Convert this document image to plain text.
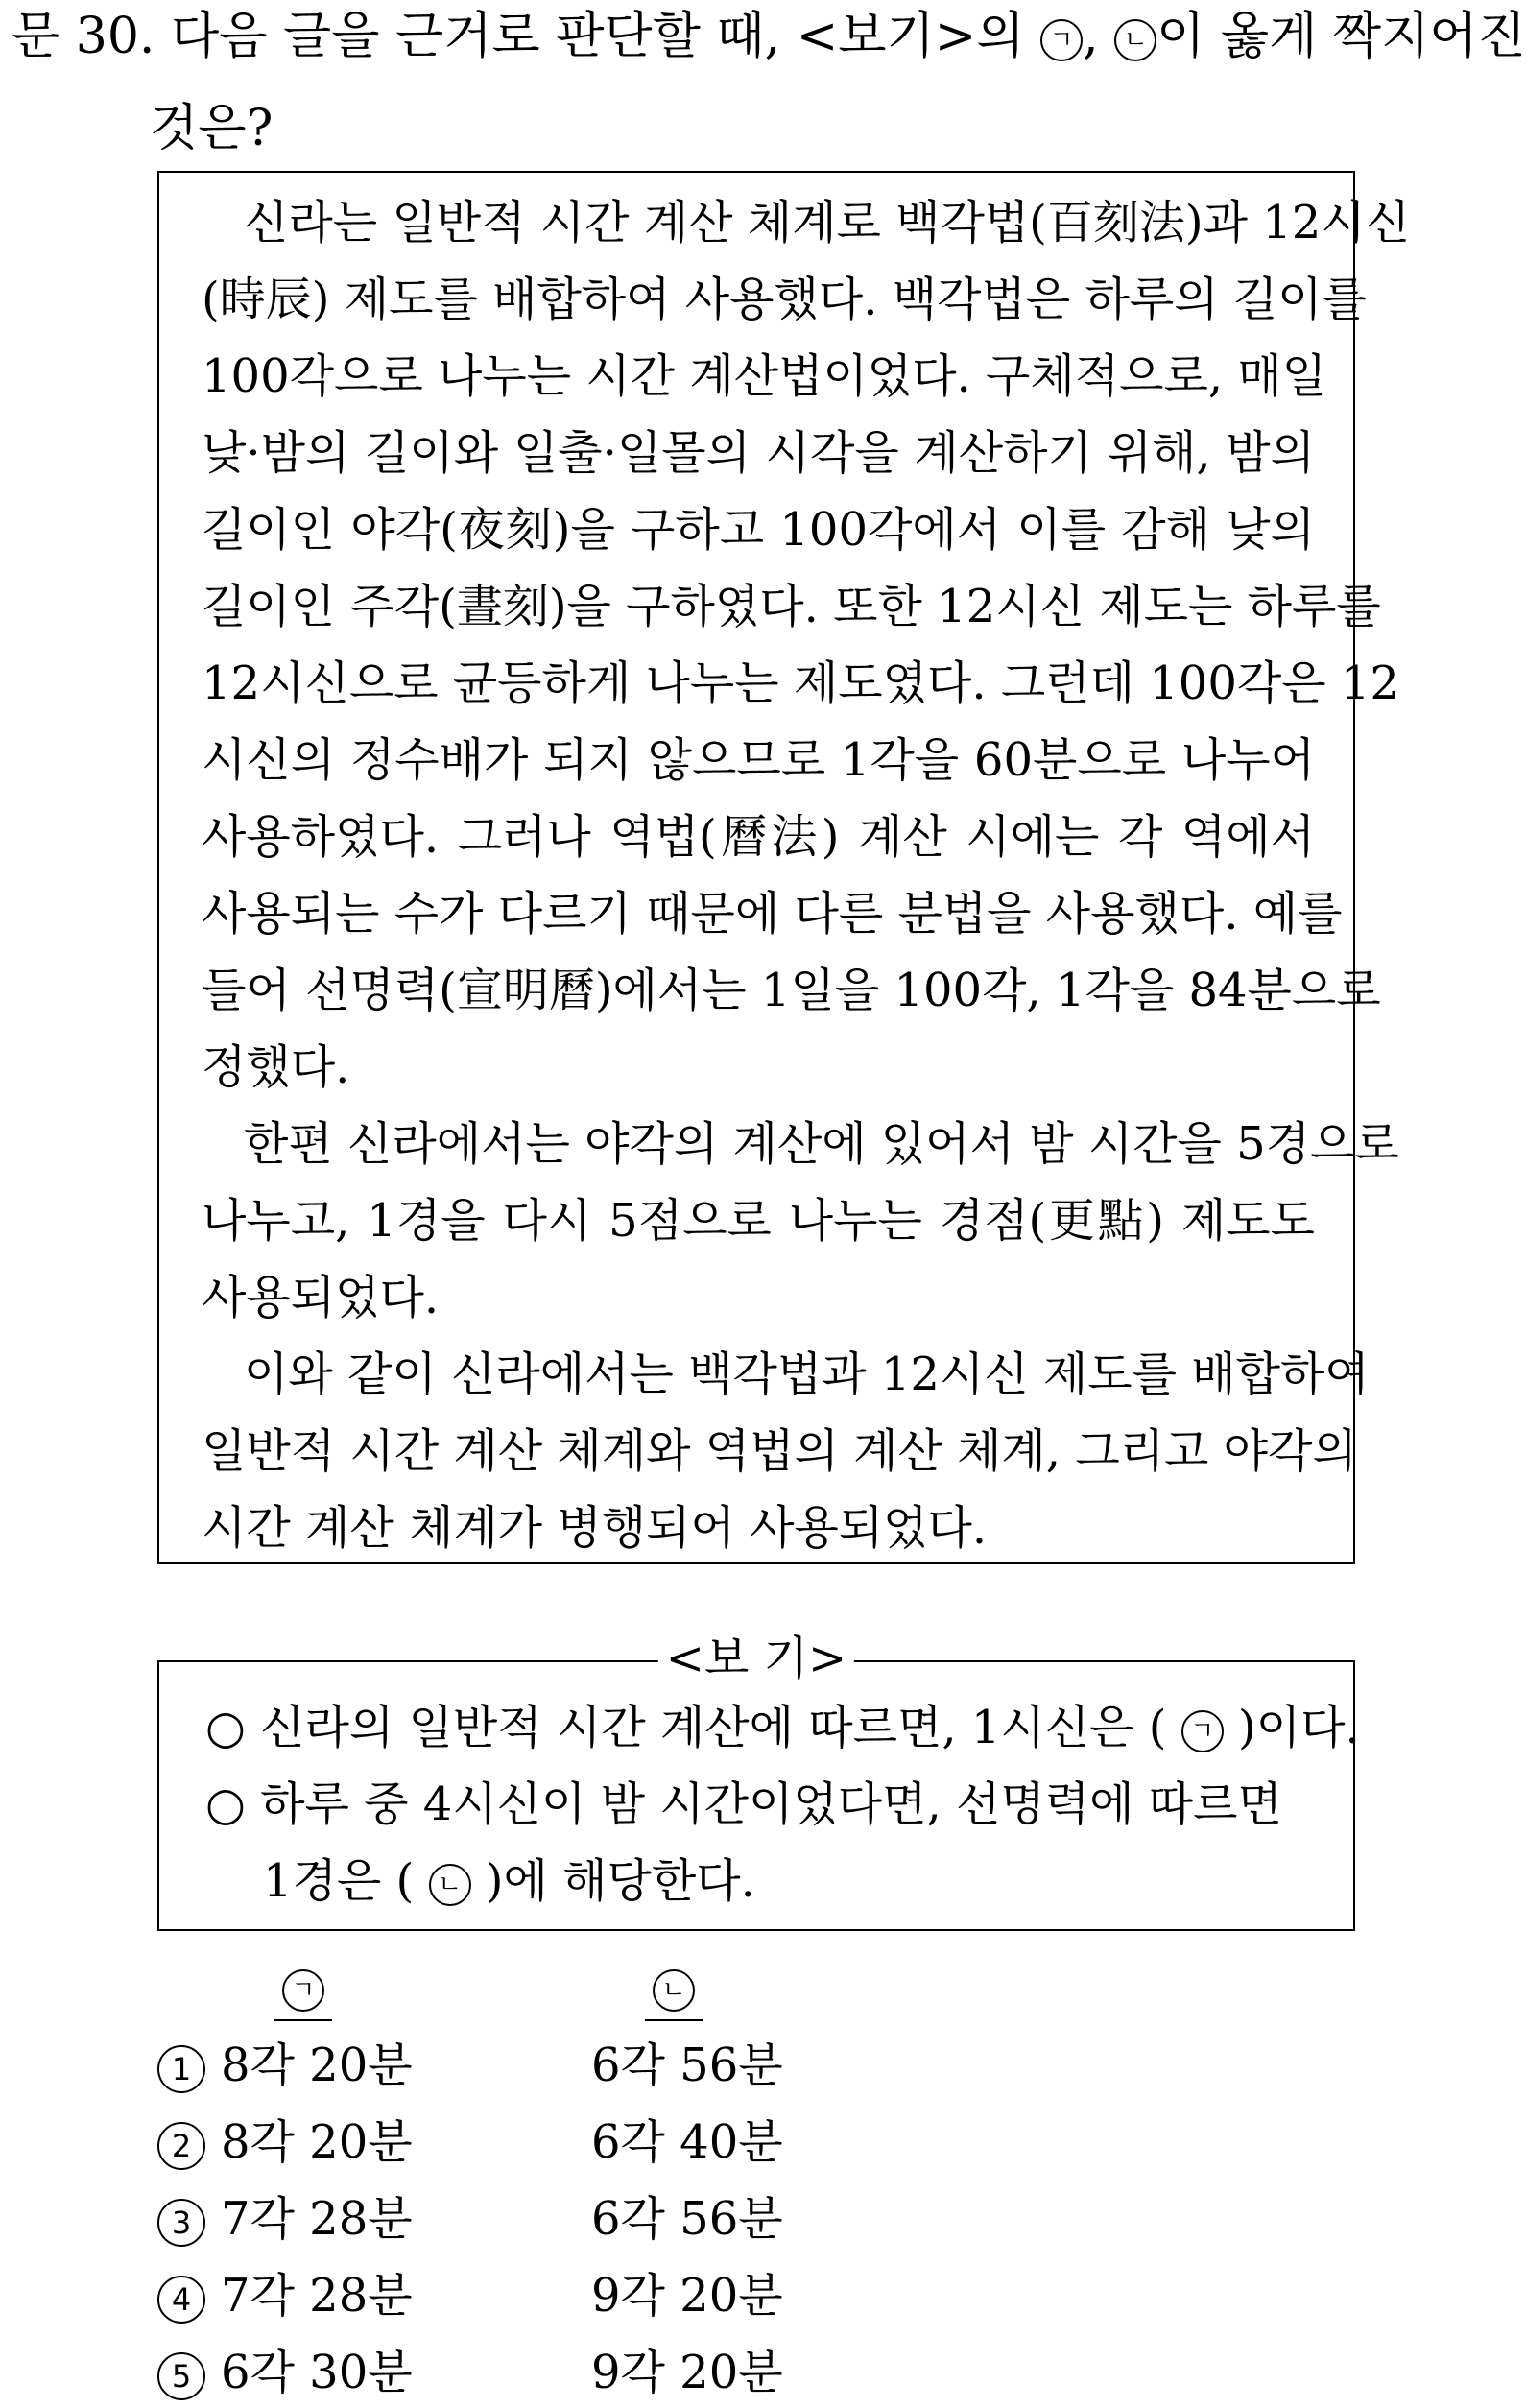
문 30. 다음 글을 근거로 판단할 때, <보기>의 ㄱ , ㄴ 이 옳게 짝지어진
것은?
신라는 일반적 시간 계산 체계로 백각법(百刻法)과 12시신
(時辰) 제도를 배합하여 사용했다. 백각법은 하루의 길이를
100각으로 나누는 시간 계산법이었다. 구체적으로, 매일
낮·밤의 길이와 일출·일몰의 시각을 계산하기 위해, 밤의
길이인 야각(夜刻)을 구하고 100각에서 이를 감해 낮의
길이인 주각(晝刻)을 구하였다. 또한 12시신 제도는 하루를
12시신으로 균등하게 나누는 제도였다. 그런데 100각은 12
시신의 정수배가 되지 않으므로 1각을 60분으로 나누어
사용하였다. 그러나 역법(曆法) 계산 시에는 각 역에서
사용되는 수가 다르기 때문에 다른 분법을 사용했다. 예를
들어 선명력(宣明曆)에서는 1일을 100각, 1각을 84분으로
정했다.
한편 신라에서는 야각의 계산에 있어서 밤 시간을 5경으로
나누고, 1경을 다시 5점으로 나누는 경점(更點) 제도도
사용되었다.
이와 같이 신라에서는 백각법과 12시신 제도를 배합하여
일반적 시간 계산 체계와 역법의 계산 체계, 그리고 야각의
시간 계산 체계가 병행되어 사용되었다.
<보 기>
○ 신라의 일반적 시간 계산에 따르면, 1시신은 ( ㄱ )이다.
○ 하루 중 4시신이 밤 시간이었다면, 선명력에 따르면
1경은 ( ㄴ )에 해당한다.
ㄱ	ㄴ
1 8각 20분	6각 56분
2 8각 20분	6각 40분
3 7각 28분	6각 56분
4 7각 28분	9각 20분
5 6각 30분	9각 20분
